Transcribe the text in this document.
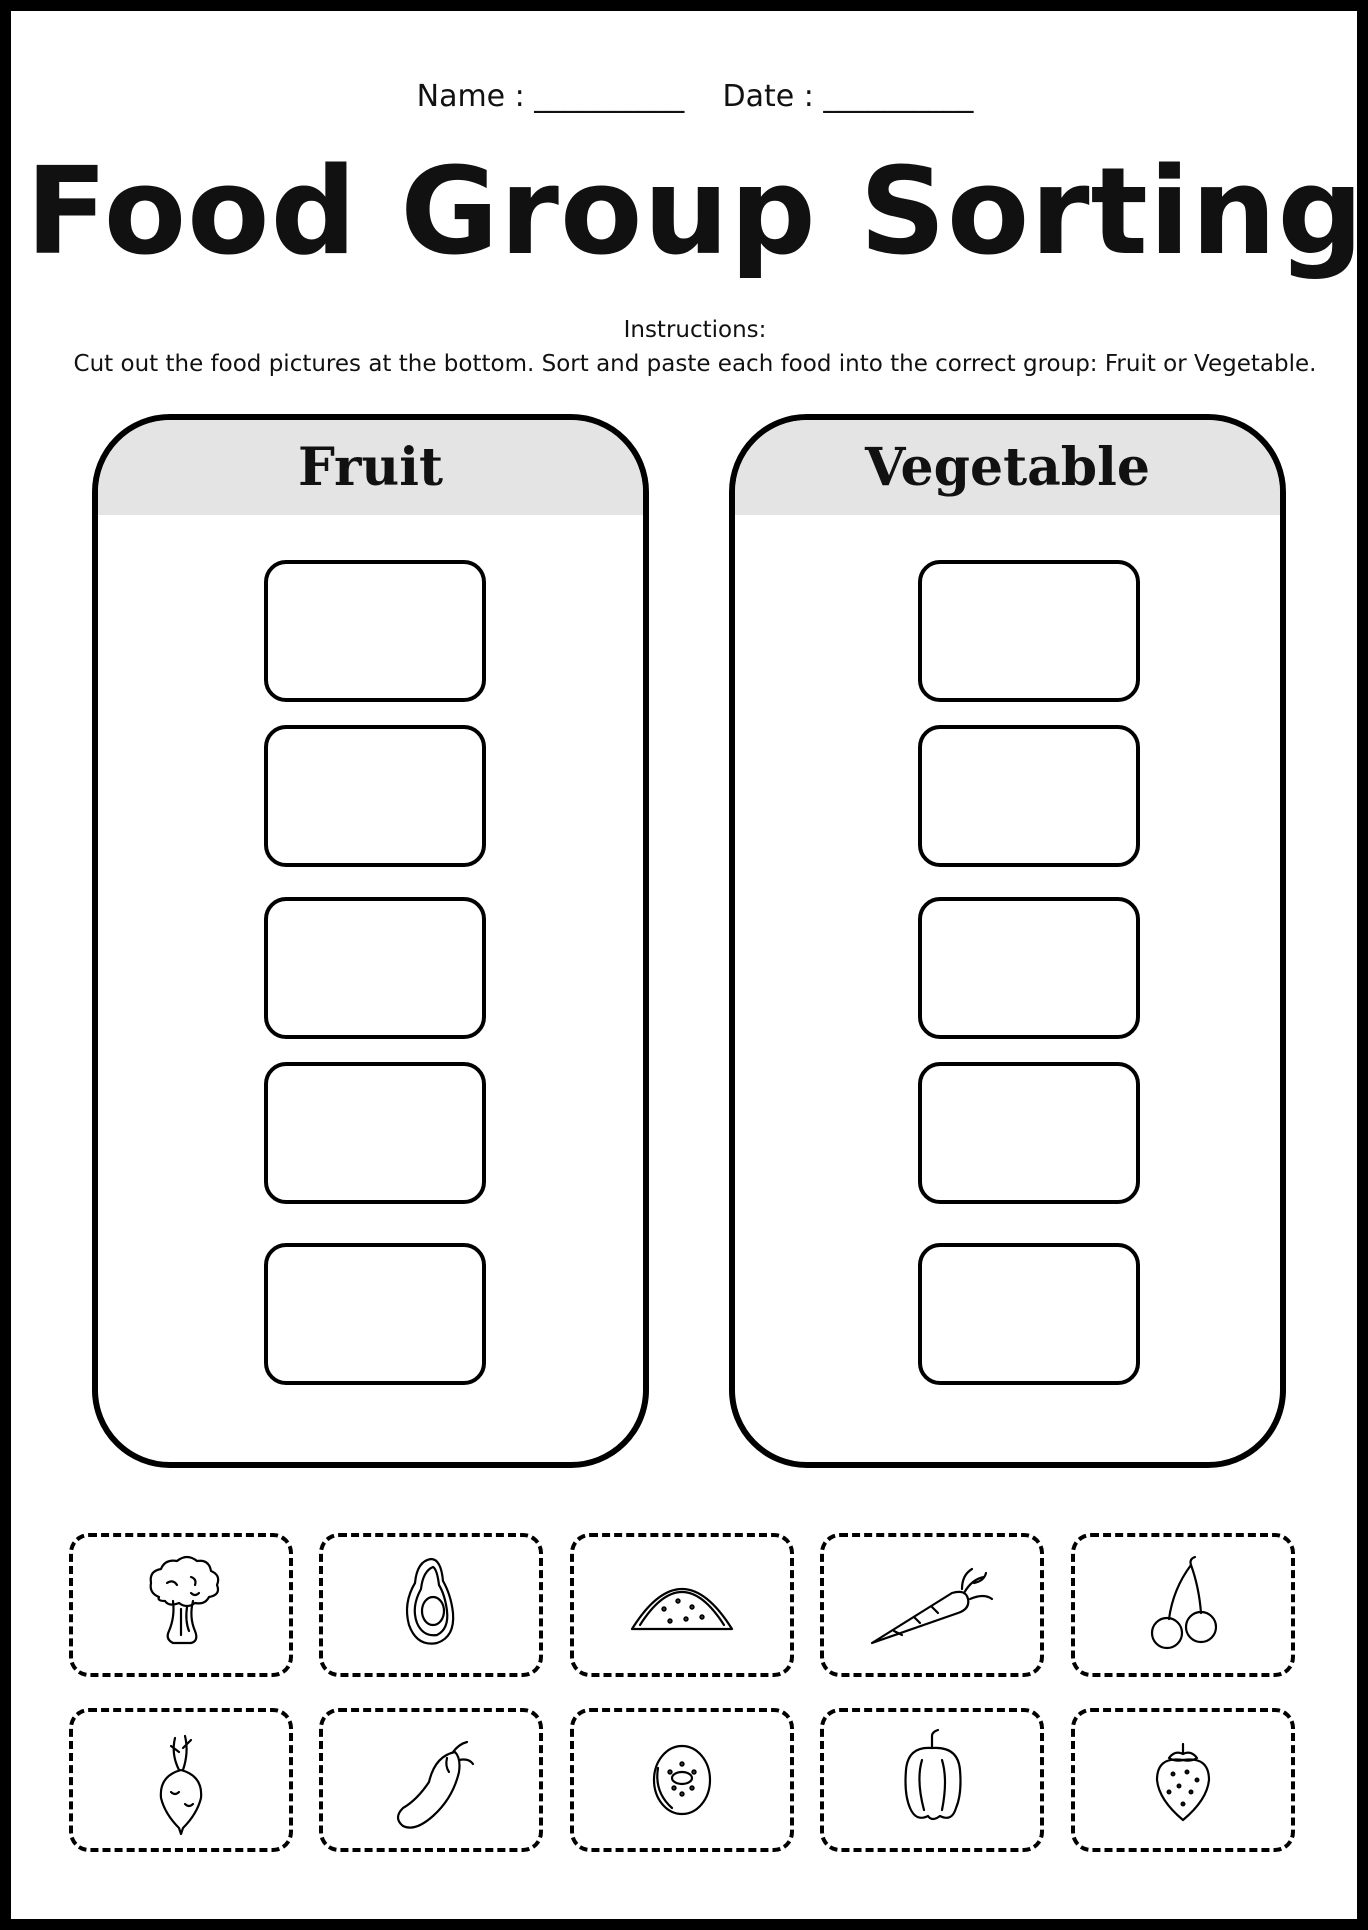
Name : __________ Date : __________
Food Group Sorting
Instructions:
Cut out the food pictures at the bottom. Sort and paste each food into the correct group: Fruit or Vegetable.
Fruit	Vegetable
